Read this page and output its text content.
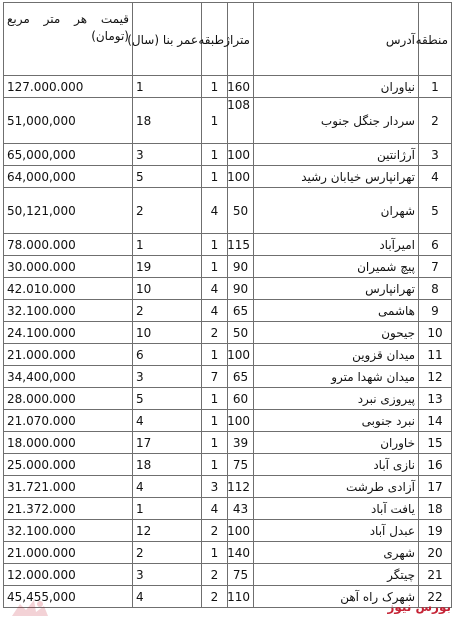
منطقه	آدرس	متراژ	طبقه	عمر بنا (سال)	قیمت هر متر مربع
(تومان)

1	نیاوران	160	1	1	127.000.000
2	سردار جنگل جنوب	108	1	18	51,000,000
3	آرژانتین	100	1	3	65,000,000
4	تهرانپارس خیابان رشید	100	1	5	64,000,000
5	شهران	50	4	2	50,121,000
6	امیرآباد	115	1	1	78.000.000
7	پیچ شمیران	90	1	19	30.000.000
8	تهرانپارس	90	4	10	42.010.000
9	هاشمی	65	4	2	32.100.000
10	جیحون	50	2	10	24.100.000
11	میدان قزوین	100	1	6	21.000.000
12	میدان شهدا مترو	65	7	3	34,400,000
13	پیروزی نبرد	60	1	5	28.000.000
14	نبرد جنوبی	100	1	4	21.070.000
15	خاوران	39	1	17	18.000.000
16	نازی آباد	75	1	18	25.000.000
17	آزادی طرشت	112	3	4	31.721.000
18	یافت آباد	43	4	1	21.372.000
19	عبدل آباد	100	2	12	32.100.000
20	شهری	140	1	2	21.000.000
21	چیتگر	75	2	3	12.000.000
22	شهرک راه آهن	110	2	4	45,455,000
بورس نیوز
